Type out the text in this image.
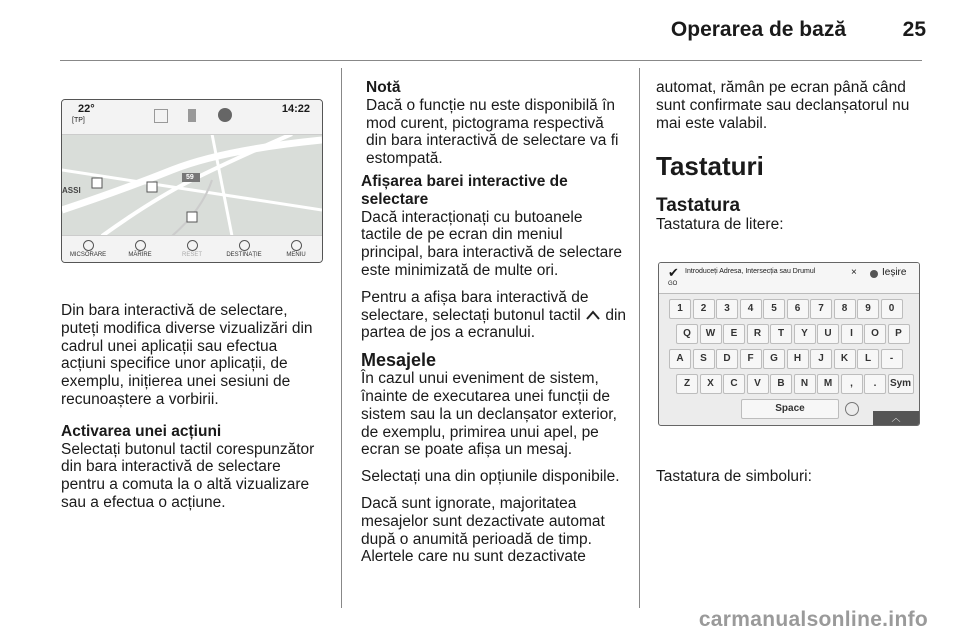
Operarea de bază	25
59
ASSI
22°
[TP]
14:22
MICSORARE	MĂRIRE	RESET	DESTINAȚIE	MENIU

Din bara interactivă de selectare, puteți modifica diverse vizualizări din cadrul unei aplicații sau efectua acțiuni specifice unor aplicații, de exemplu, inițierea unei sesiuni de recunoaștere a vorbirii.

Activarea unei acțiuni

Selectați butonul tactil corespunzător din bara interactivă de selectare pentru a comuta la o altă vizualizare sau a efectua o acțiune.

Notă

Dacă o funcție nu este disponibilă în mod curent, pictograma respectivă din bara interactivă de selectare va fi estompată.

Afișarea barei interactive de selectare

Dacă interacționați cu butoanele tactile de pe ecran din meniul principal, bara interactivă de selectare este minimizată de multe ori.

Pentru a afișa bara interactivă de selectare, selectați butonul tactil din partea de jos a ecranului.

Mesajele

În cazul unui eveniment de sistem, înainte de executarea unei funcții de sistem sau la un declanșator exterior, de exemplu, primirea unui apel, pe ecran se poate afișa un mesaj.

Selectați una din opțiunile disponibile.

Dacă sunt ignorate, majoritatea mesajelor sunt dezactivate automat după o anumită perioadă de timp. Alertele care nu sunt dezactivate

automat, rămân pe ecran până când sunt confirmate sau declanșatorul nu mai este valabil.

Tastaturi
Tastatura

Tastatura de litere:

✔
GO
Introduceți Adresa, Intersecția sau Drumul	×	Ieșire
1	2	3	4	5	6	7	8	9	0
Q	W	E	R	T	Y	U	I	O	P
A	S	D	F	G	H	J	K	L	-
Z	X	C	V	B	N	M	,	.	Sym
Space
︿

Tastatura de simboluri:

carmanualsonline.info
